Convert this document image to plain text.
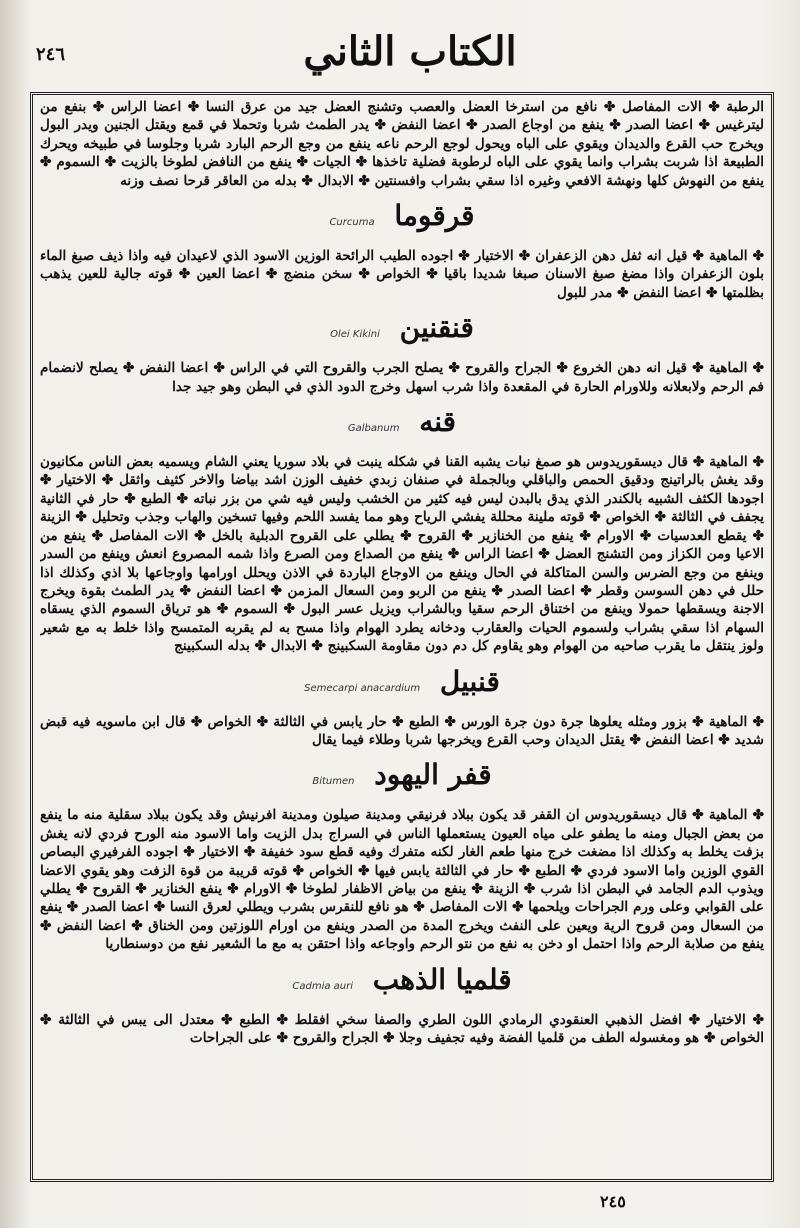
٢٤٦	الكتاب الثاني

الرطبة ✤ الات المفاصل ✤ نافع من استرخا العضل والعصب وتشنج العضل جيد من عرق النسا ✤ اعضا الراس ✤ بنفع من ليترغيس ✤ اعضا الصدر ✤ ينفع من اوجاع الصدر ✤ اعضا النفض ✤ يدر الطمث شربا وتحملا في قمع ويقتل الجنين ويدر البول ويخرج حب القرع والديدان ويقوي على الباه ويحول لوجع الرحم ناعه ينفع من وجع الرحم البارد شربا وجلوسا في طبيخه ويحرك الطبيعة اذا شربت بشراب وانما يقوي على الباه لرطوبة فضلية تاخذها ✤ الجيات ✤ ينفع من النافض لطوخا بالزيت ✤ السموم ✤ ينفع من النهوش كلها ونهشة الافعي وغيره اذا سقي بشراب وافسنتين ✤ الابدال ✤ بدله من العاقر قرحا نصف وزنه

قرقوما Curcuma

✤ الماهية ✤ قيل انه ثفل دهن الزعفران ✤ الاختيار ✤ اجوده الطيب الرائحة الوزين الاسود الذي لاعيدان فيه واذا ذيف صبغ الماء بلون الزعفران واذا مضغ صبغ الاسنان صبغا شديدا باقيا ✤ الخواص ✤ سخن منضج ✤ اعضا العين ✤ قوته جالية للعين يذهب بظلمتها ✤ اعضا النفض ✤ مدر للبول

قنقنين Olei Kikini

✤ الماهية ✤ قيل انه دهن الخروع ✤ الجراح والقروح ✤ يصلح الجرب والقروح التي في الراس ✤ اعضا النفض ✤ يصلح لانضمام فم الرحم ولابعلانه وللاورام الحارة في المقعدة واذا شرب اسهل وخرج الدود الذي في البطن وهو جيد جدا

قنه Galbanum

✤ الماهية ✤ قال ديسقوريدوس هو صمغ نبات يشبه القنا في شكله ينبت في بلاد سوريا يعني الشام ويسميه بعض الناس مكانيون وقد يغش بالراتينج ودقيق الحمص والباقلي وبالجملة في صنفان زبدي خفيف الوزن اشد بياضا والاخر كثيف واثقل ✤ الاختيار ✤ اجودها الكثف الشبيه بالكندر الذي يدق بالبدن ليس فيه كثير من الخشب وليس فيه شي من بزر نباته ✤ الطبع ✤ حار في الثانية يجفف في الثالثة ✤ الخواص ✤ قوته ملينة محللة يفشي الرياح وهو مما يفسد اللحم وفيها تسخين والهاب وجذب وتحليل ✤ الزينة ✤ يقطع العدسيات ✤ الاورام ✤ ينفع من الخنازير ✤ القروح ✤ يطلي على القروح الدبلية بالخل ✤ الات المفاصل ✤ ينفع من الاعيا ومن الكزاز ومن التشنج العضل ✤ اعضا الراس ✤ ينفع من الصداع ومن الصرع واذا شمه المصروع انعش وينفع من السدر وينفع من وجع الضرس والسن المتاكلة في الحال وينفع من الاوجاع الباردة في الاذن ويحلل اورامها واوجاعها بلا اذي وكذلك اذا حلل في دهن السوسن وقطر ✤ اعضا الصدر ✤ ينفع من الربو ومن السعال المزمن ✤ اعضا النفض ✤ يدر الطمث بقوة ويخرج الاجنة ويسقطها حمولا وينفع من اختناق الرحم سقيا وبالشراب ويزيل عسر البول ✤ السموم ✤ هو ترياق السموم الذي يسقاه السهام اذا سقي بشراب ولسموم الحيات والعقارب ودخانه يطرد الهوام واذا مسح به لم يقربه المتمسح واذا خلط به مع شعير ولوز ينتقل ما يقرب صاحبه من الهوام وهو يقاوم كل دم دون مقاومة السكبينج ✤ الابدال ✤ بدله السكبينج

قنبيل Semecarpi anacardium

✤ الماهية ✤ بزور ومثله يعلوها جرة دون جرة الورس ✤ الطبع ✤ حار يابس في الثالثة ✤ الخواص ✤ قال ابن ماسويه فيه قبض شديد ✤ اعضا النفض ✤ يقتل الديدان وحب القرع ويخرجها شربا وطلاء فيما يقال

قفر اليهود Bitumen

✤ الماهية ✤ قال ديسقوريدوس ان القفر قد يكون ببلاد فرنيقي ومدينة صيلون ومدينة افرنيش وقد يكون ببلاد سقلية منه ما ينفع من بعض الجبال ومنه ما يطفو على مياه العيون يستعملها الناس في السراج بدل الزيت واما الاسود منه الورح فردي لانه يغش بزفت يخلط به وكذلك اذا مضغت خرج منها طعم الغار لكنه متفرك وفيه قطع سود خفيفة ✤ الاختيار ✤ اجوده الفرفيري البصاص القوي الوزين واما الاسود فردي ✤ الطبع ✤ حار في الثالثة يابس فيها ✤ الخواص ✤ قوته قريبة من قوة الزفت وهو يقوي الاعضا ويذوب الدم الجامد في البطن اذا شرب ✤ الزينة ✤ ينفع من بياض الاظفار لطوخا ✤ الاورام ✤ ينفع الخنازير ✤ القروح ✤ يطلي على القوابي وعلى ورم الجراحات ويلحمها ✤ الات المفاصل ✤ هو نافع للنقرس بشرب ويطلي لعرق النسا ✤ اعضا الصدر ✤ ينفع من السعال ومن قروح الرية ويعين على النفث ويخرج المدة من الصدر وينفع من اورام اللوزتين ومن الخناق ✤ اعضا النفض ✤ ينفع من صلابة الرحم واذا احتمل او دخن به نفع من نتو الرحم واوجاعه واذا احتقن به مع ما الشعير نفع من دوسنطاريا

قلميا الذهب Cadmia auri

✤ الاختيار ✤ افضل الذهبي العنقودي الرمادي اللون الطري والصفا سخي افقلط ✤ الطبع ✤ معتدل الى يبس في الثالثة ✤ الخواص ✤ هو ومغسوله الطف من قلميا الفضة وفيه تجفيف وجلا ✤ الجراح والقروح ✤ على الجراحات

٢٤٥
